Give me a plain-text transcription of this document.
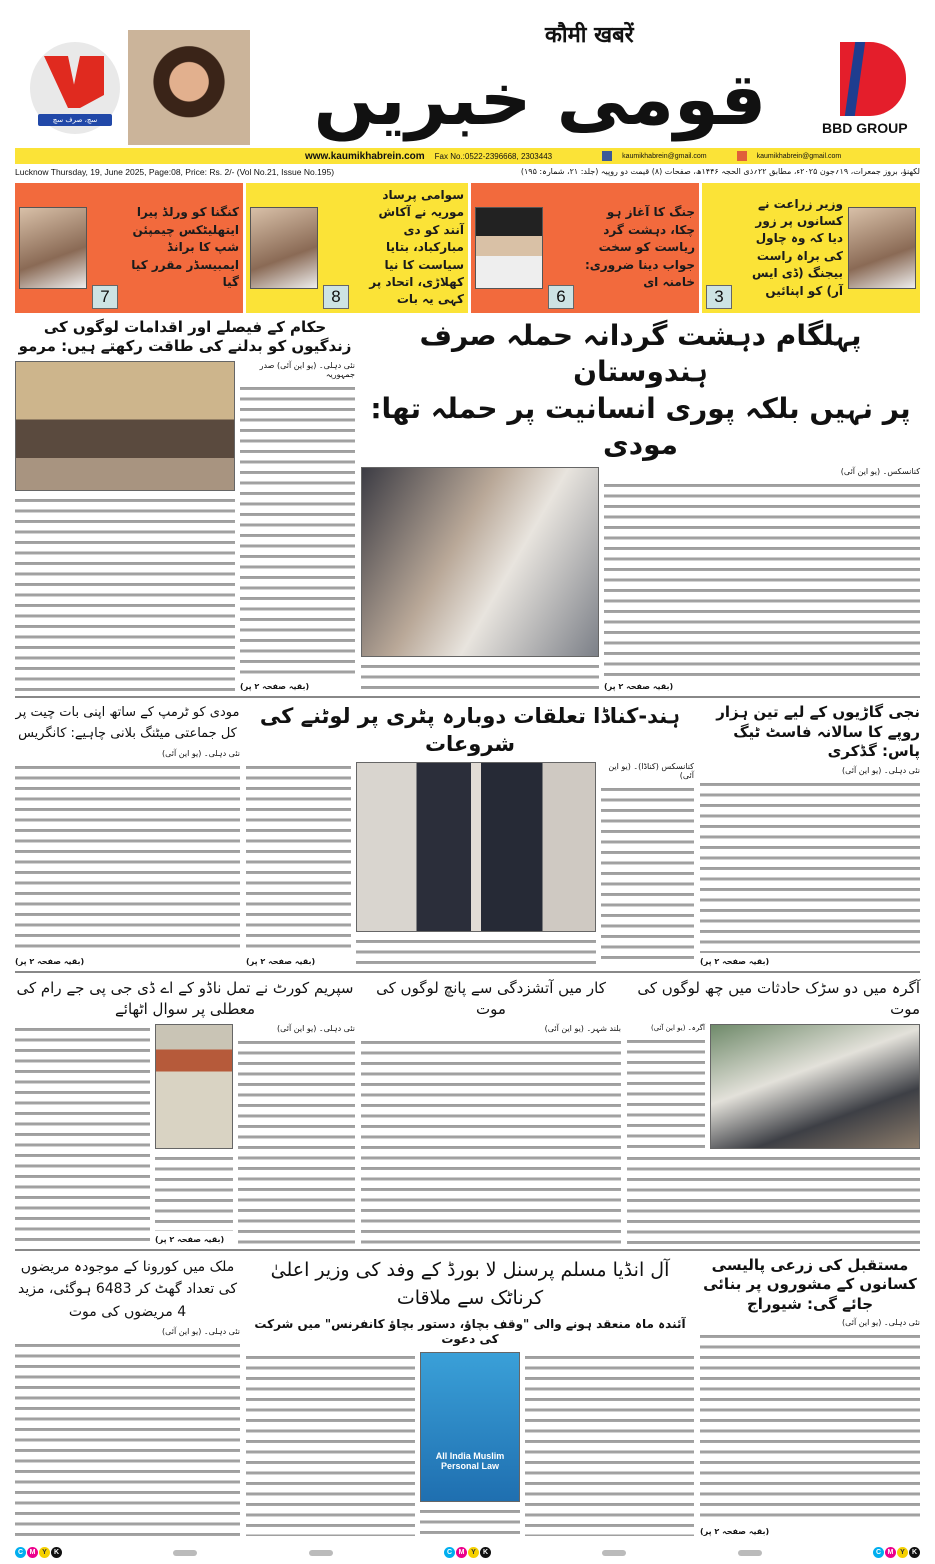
سچ، صرف سچ
कौमी खबरें
قومی خبریں	BBD GROUP
www.kaumikhabrein.com Fax No.:0522-2396668, 2303443	kaumikhabrein@gmail.com	kaumikhabrein@gmail.com
Lucknow Thursday, 19, June 2025, Page:08, Price: Rs. 2/- (Vol No.21, Issue No.195)	لکھنؤ، بروز جمعرات، ۱۹؍جون ۲۰۲۵ء، مطابق ۲۲؍ذی الحجہ ۱۴۴۶ھ، صفحات (۸) قیمت دو روپیہ (جلد: ۲۱، شمارہ: ۱۹۵)
7
کنگنا کو ورلڈ پیرا ایتھلیٹکس چیمپئن شپ کا برانڈ ایمبیسڈر مقرر کیا گیا
8
سوامی پرساد موریہ نے آکاش آنند کو دی مبارکباد، بتایا سیاست کا نیا کھلاڑی، اتحاد پر کہی یہ بات	6
جنگ کا آغاز ہو چکا، دہشت گرد ریاست کو سخت جواب دینا ضروری: خامنہ ای
3
وزیر زراعت نے کسانوں پر زور دیا کہ وہ چاول کی براہ راست بیجنگ (ڈی ایس آر) کو اپنائیں
حکام کے فیصلے اور اقدامات لوگوں کی زندگیوں کو بدلنے کی طاقت رکھتے ہیں: مرمو
نئی دہلی۔ (یو این آئی) صدر جمہوریہ
(بقیہ صفحہ ۲ پر)
پہلگام دہشت گردانہ حملہ صرف ہندوستان
پر نہیں بلکہ پوری انسانیت پر حملہ تھا: مودی
کنانسکس۔ (یو این آئی)
(بقیہ صفحہ ۲ پر)
مودی کو ٹرمپ کے ساتھ اپنی بات چیت پر کل جماعتی میٹنگ بلانی چاہیے: کانگریس
نئی دہلی۔ (یو این آئی)
(بقیہ صفحہ ۲ پر)
ہند-کناڈا تعلقات دوبارہ پٹری پر لوٹنے کی شروعات
(بقیہ صفحہ ۲ پر)
کنانسکس (کناڈا)۔ (یو این آئی)
نجی گاڑیوں کے لیے تین ہزار روپے کا سالانہ فاسٹ ٹیگ پاس: گڈکری
نئی دہلی۔ (یو این آئی)
(بقیہ صفحہ ۲ پر)
سپریم کورٹ نے تمل ناڈو کے اے ڈی جی پی جے رام کی معطلی پر سوال اٹھائے
(بقیہ صفحہ ۲ پر)
نئی دہلی۔ (یو این آئی)
کار میں آتشزدگی سے پانچ لوگوں کی موت
بلند شہر۔ (یو این آئی)
آگرہ میں دو سڑک حادثات میں چھ لوگوں کی موت
آگرہ۔ (یو این آئی)
ملک میں کورونا کے موجودہ مریضوں کی تعداد گھٹ کر 6483 ہوگئی، مزید 4 مریضوں کی موت
نئی دہلی۔ (یو این آئی)
آل انڈیا مسلم پرسنل لا بورڈ کے وفد کی وزیر اعلیٰ کرناٹک سے ملاقات
آئندہ ماہ منعقد ہونے والی "وقف بچاؤ، دستور بچاؤ کانفرنس" میں شرکت کی دعوت
All India Muslim Personal Law
مستقبل کی زرعی پالیسی کسانوں کے مشوروں پر بنائی جائے گی: شیوراج
نئی دہلی۔ (یو این آئی)
(بقیہ صفحہ ۲ پر)
C M Y	K	C M Y	K	C M Y	K
